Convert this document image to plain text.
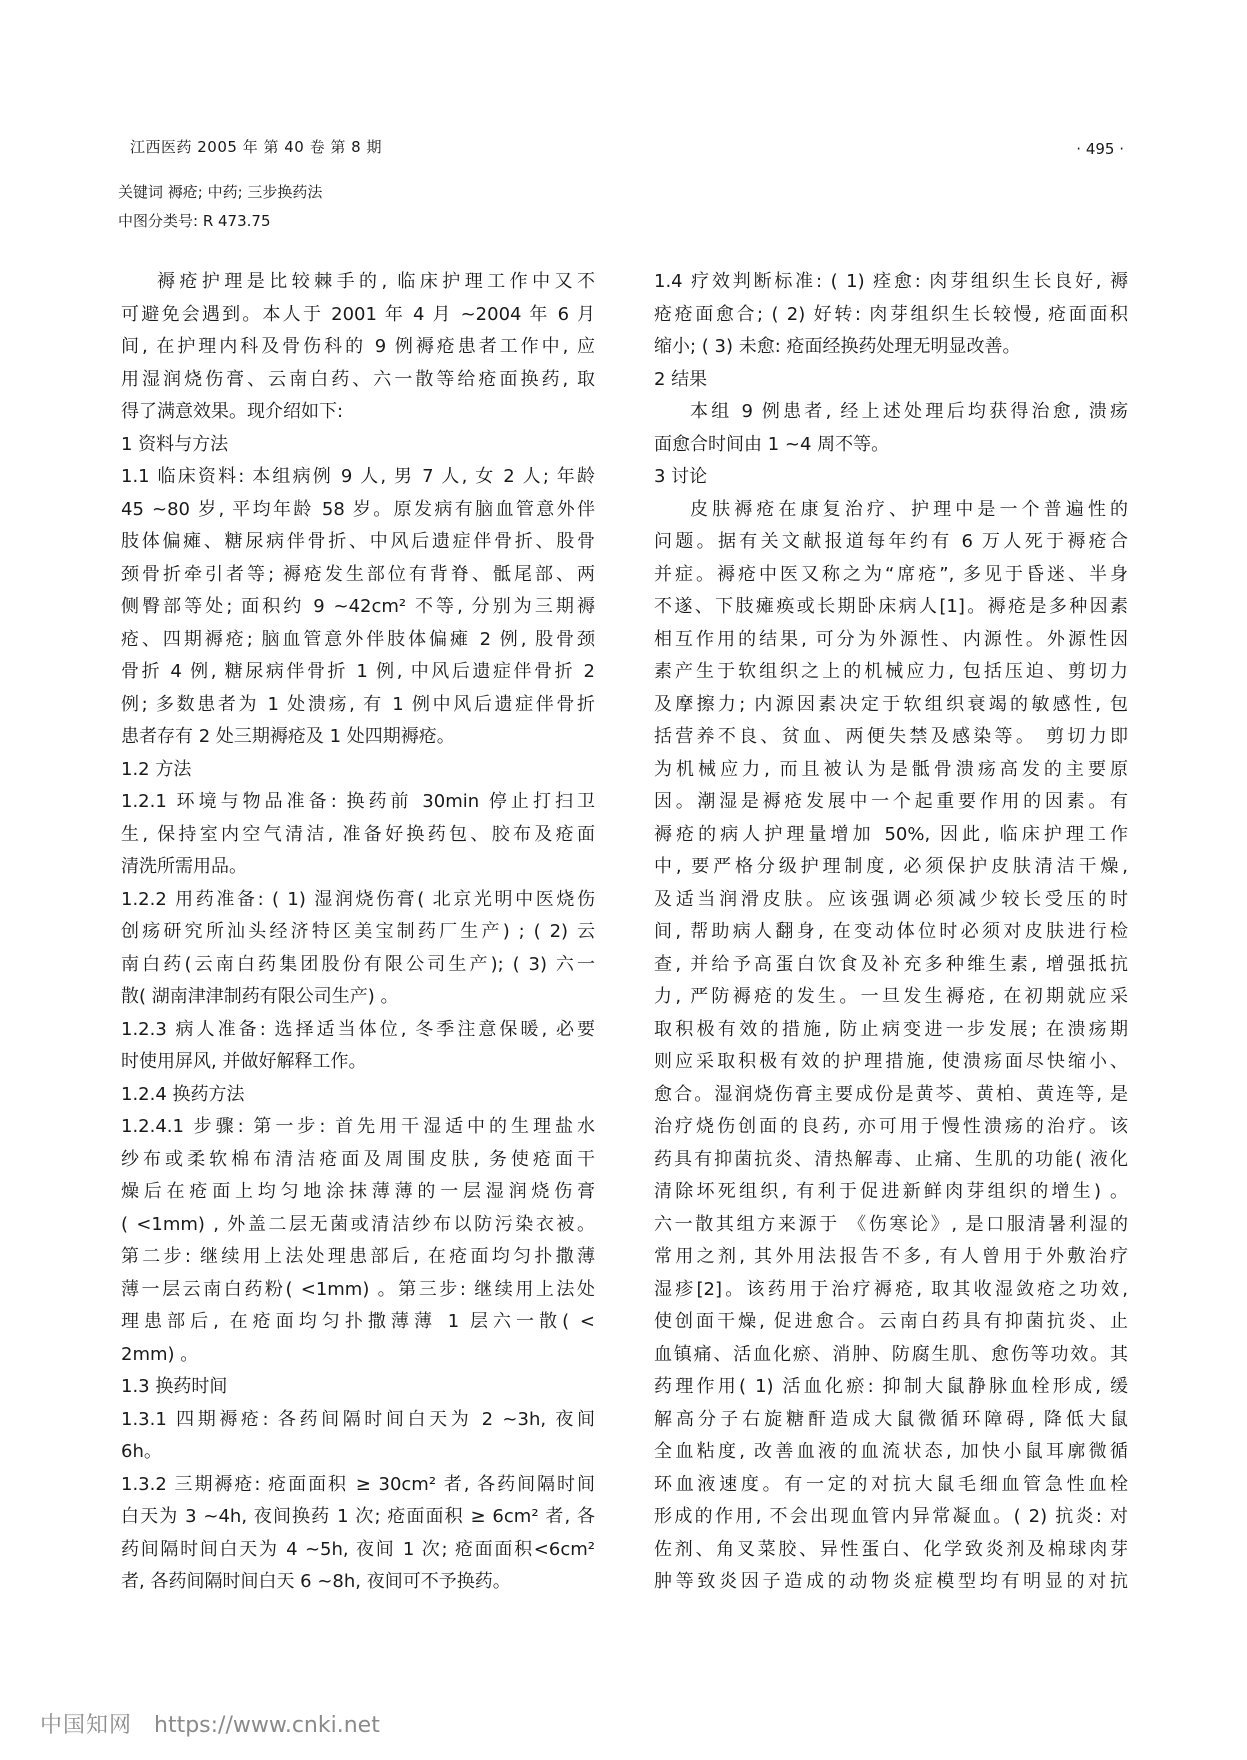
江西医药 2005 年 第 40 卷 第 8 期	· 495 ·
关键词 褥疮; 中药; 三步换药法
中图分类号: R 473.75
褥疮护理是比较棘手的, 临床护理工作中又不
可避免会遇到。本人于 2001 年 4 月 ~2004 年 6 月
间, 在护理内科及骨伤科的 9 例褥疮患者工作中, 应
用湿润烧伤膏、云南白药、六一散等给疮面换药, 取
得了满意效果。现介绍如下:
1 资料与方法
1.1 临床资料: 本组病例 9 人, 男 7 人, 女 2 人; 年龄
45 ~80 岁, 平均年龄 58 岁。原发病有脑血管意外伴
肢体偏瘫、糖尿病伴骨折、中风后遗症伴骨折、股骨
颈骨折牵引者等; 褥疮发生部位有背脊、骶尾部、两
侧臀部等处; 面积约 9 ~42cm² 不等, 分别为三期褥
疮、四期褥疮; 脑血管意外伴肢体偏瘫 2 例, 股骨颈
骨折 4 例, 糖尿病伴骨折 1 例, 中风后遗症伴骨折 2
例; 多数患者为 1 处溃疡, 有 1 例中风后遗症伴骨折
患者存有 2 处三期褥疮及 1 处四期褥疮。
1.2 方法
1.2.1 环境与物品准备: 换药前 30min 停止打扫卫
生, 保持室内空气清洁, 准备好换药包、胶布及疮面
清洗所需用品。
1.2.2 用药准备: ( 1) 湿润烧伤膏( 北京光明中医烧伤
创疡研究所汕头经济特区美宝制药厂生产) ; ( 2) 云
南白药(云南白药集团股份有限公司生产); ( 3) 六一
散( 湖南津津制药有限公司生产) 。
1.2.3 病人准备: 选择适当体位, 冬季注意保暖, 必要
时使用屏风, 并做好解释工作。
1.2.4 换药方法
1.2.4.1 步骤: 第一步: 首先用干湿适中的生理盐水
纱布或柔软棉布清洁疮面及周围皮肤, 务使疮面干
燥后在疮面上均匀地涂抹薄薄的一层湿润烧伤膏
( <1mm) , 外盖二层无菌或清洁纱布以防污染衣被。
第二步: 继续用上法处理患部后, 在疮面均匀扑撒薄
薄一层云南白药粉( <1mm) 。第三步: 继续用上法处
理患部后, 在疮面均匀扑撒薄薄 1 层六一散( <
2mm) 。
1.3 换药时间
1.3.1 四期褥疮: 各药间隔时间白天为 2 ~3h, 夜间
6h。
1.3.2 三期褥疮: 疮面面积 ≥ 30cm² 者, 各药间隔时间
白天为 3 ~4h, 夜间换药 1 次; 疮面面积 ≥ 6cm² 者, 各
药间隔时间白天为 4 ~5h, 夜间 1 次; 疮面面积<6cm²
者, 各药间隔时间白天 6 ~8h, 夜间可不予换药。
1.4 疗效判断标准: ( 1) 痊愈: 肉芽组织生长良好, 褥
疮疮面愈合; ( 2) 好转: 肉芽组织生长较慢, 疮面面积
缩小; ( 3) 未愈: 疮面经换药处理无明显改善。
2 结果
本组 9 例患者, 经上述处理后均获得治愈, 溃疡
面愈合时间由 1 ~4 周不等。
3 讨论
皮肤褥疮在康复治疗、护理中是一个普遍性的
问题。据有关文献报道每年约有 6 万人死于褥疮合
并症。褥疮中医又称之为“席疮”, 多见于昏迷、半身
不遂、下肢瘫痪或长期卧床病人[1]。褥疮是多种因素
相互作用的结果, 可分为外源性、内源性。外源性因
素产生于软组织之上的机械应力, 包括压迫、剪切力
及摩擦力; 内源因素决定于软组织衰竭的敏感性, 包
括营养不良、贫血、两便失禁及感染等。 剪切力即
为机械应力, 而且被认为是骶骨溃疡高发的主要原
因。潮湿是褥疮发展中一个起重要作用的因素。有
褥疮的病人护理量增加 50%, 因此, 临床护理工作
中, 要严格分级护理制度, 必须保护皮肤清洁干燥,
及适当润滑皮肤。应该强调必须减少较长受压的时
间, 帮助病人翻身, 在变动体位时必须对皮肤进行检
查, 并给予高蛋白饮食及补充多种维生素, 增强抵抗
力, 严防褥疮的发生。一旦发生褥疮, 在初期就应采
取积极有效的措施, 防止病变进一步发展; 在溃疡期
则应采取积极有效的护理措施, 使溃疡面尽快缩小、
愈合。湿润烧伤膏主要成份是黄芩、黄柏、黄连等, 是
治疗烧伤创面的良药, 亦可用于慢性溃疡的治疗。该
药具有抑菌抗炎、清热解毒、止痛、生肌的功能( 液化
清除坏死组织, 有利于促进新鲜肉芽组织的增生) 。
六一散其组方来源于 《伤寒论》, 是口服清暑利湿的
常用之剂, 其外用法报告不多, 有人曾用于外敷治疗
湿疹[2]。该药用于治疗褥疮, 取其收湿敛疮之功效,
使创面干燥, 促进愈合。云南白药具有抑菌抗炎、止
血镇痛、活血化瘀、消肿、防腐生肌、愈伤等功效。其
药理作用( 1) 活血化瘀: 抑制大鼠静脉血栓形成, 缓
解高分子右旋糖酐造成大鼠微循环障碍, 降低大鼠
全血粘度, 改善血液的血流状态, 加快小鼠耳廓微循
环血液速度。有一定的对抗大鼠毛细血管急性血栓
形成的作用, 不会出现血管内异常凝血。( 2) 抗炎: 对
佐剂、角叉菜胶、异性蛋白、化学致炎剂及棉球肉芽
肿等致炎因子造成的动物炎症模型均有明显的对抗
中国知网 https://www.cnki.net
